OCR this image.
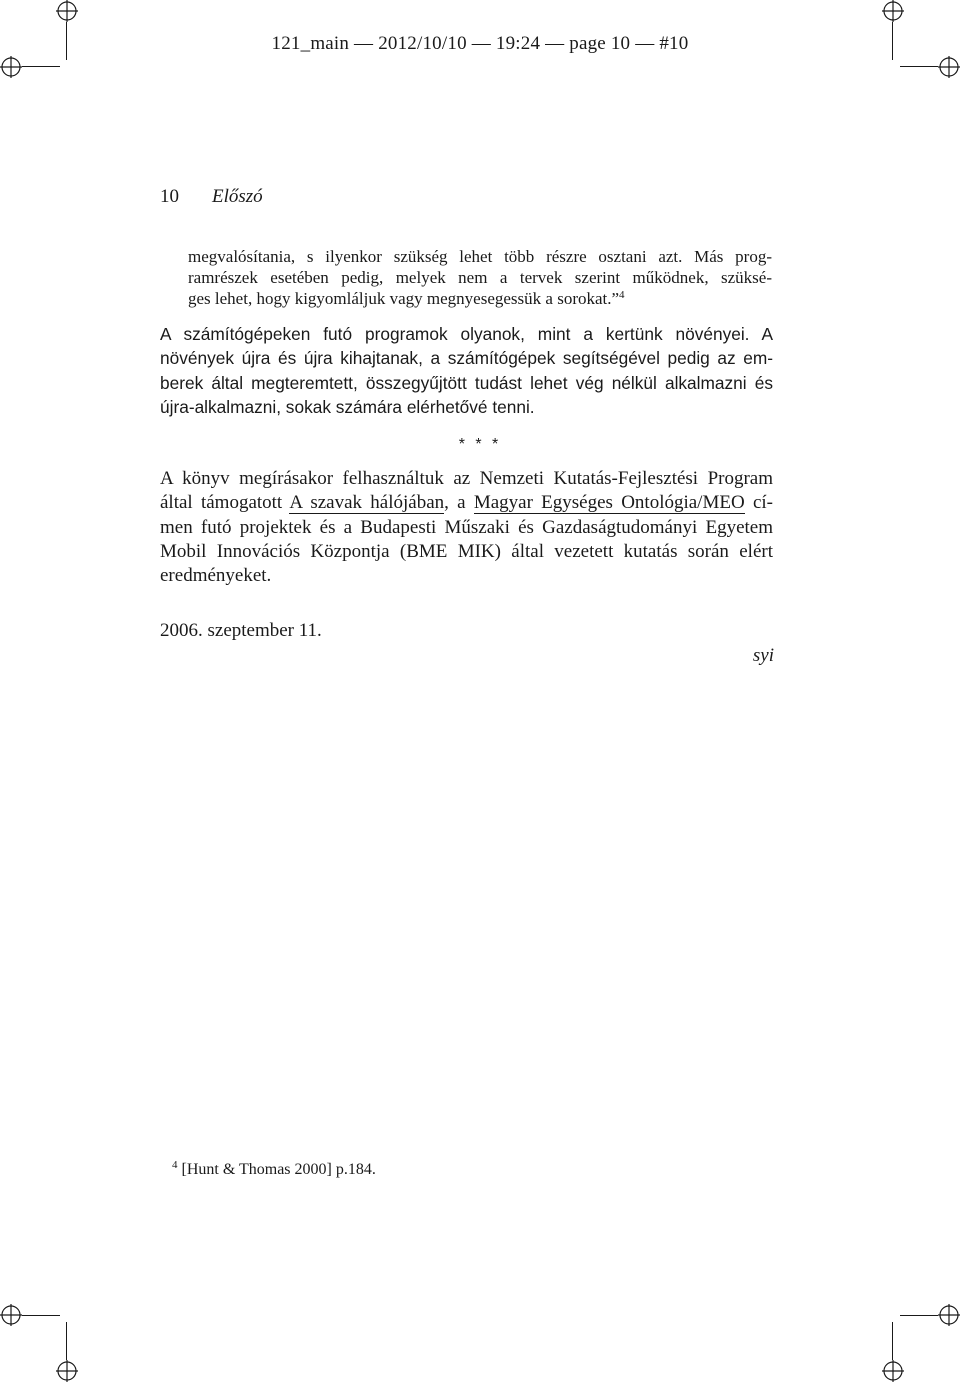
121_main — 2012/10/10 — 19:24 — page 10 — #10
10 Előszó
megvalósítania, s ilyenkor szükség lehet több részre osztani azt. Más prog-
ramrészek esetében pedig, melyek nem a tervek szerint működnek, szüksé-
ges lehet, hogy kigyomláljuk vagy megnyesegessük a sorokat.”$^4$
A számítógépeken futó programok olyanok, mint a kertünk növényei. A
növények újra és újra kihajtanak, a számítógépek segítségével pedig az em-
berek által megteremtett, összegyűjtött tudást lehet vég nélkül alkalmazni és
újra-alkalmazni, sokak számára elérhetővé tenni.
* * *
A könyv megírásakor felhasználtuk az Nemzeti Kutatás-Fejlesztési Program
által támogatott A szavak hálójában, a Magyar Egységes Ontológia/MEO cí-
men futó projektek és a Budapesti Műszaki és Gazdaságtudományi Egyetem
Mobil Innovációs Központja (BME MIK) által vezetett kutatás során elért
eredményeket.
2006. szeptember 11.
syi
$^4$ [Hunt & Thomas 2000] p.184.
